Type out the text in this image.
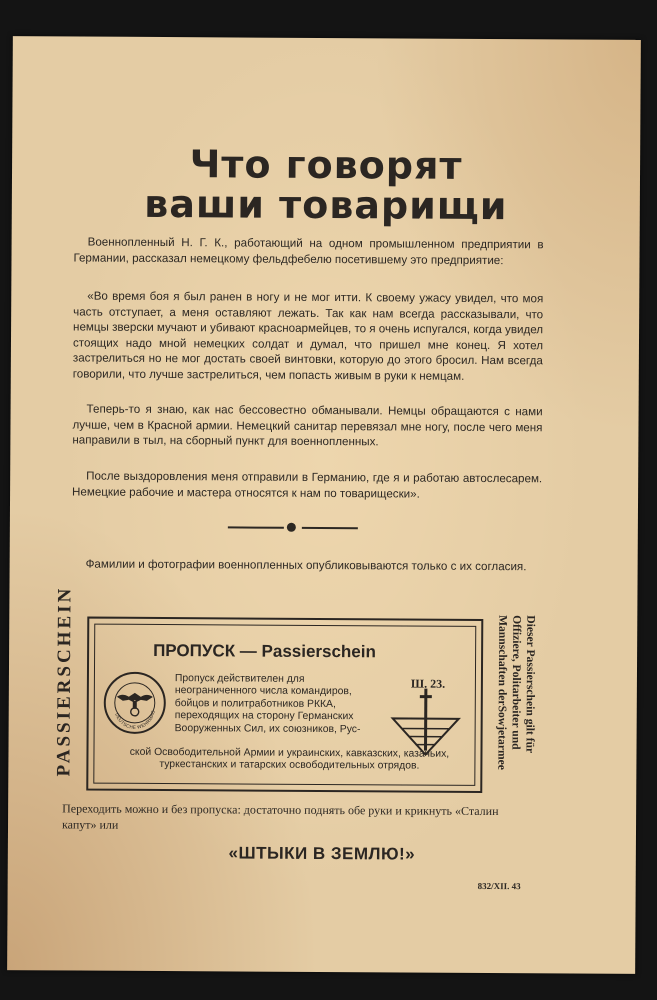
Что говорят
ваши товарищи

Военнопленный Н. Г. К., работающий на одном промышленном предприятии в Германии, рассказал немецкому фельдфебелю посетившему это предприятие:

«Во время боя я был ранен в ногу и не мог итти. К своему ужасу увидел, что моя часть отступает, а меня оставляют лежать. Так как нам всегда рассказывали, что немцы зверски мучают и убивают красноармейцев, то я очень испугался, когда увидел стоящих надо мной немецких солдат и думал, что пришел мне конец. Я хотел застрелиться но не мог достать своей винтовки, которую до этого бросил. Нам всегда говорили, что лучше застрелиться, чем попасть живым в руки к немцам.

Теперь-то я знаю, как нас бессовестно обманывали. Немцы обращаются с нами лучше, чем в Красной армии. Немецкий санитар перевязал мне ногу, после чего меня направили в тыл, на сборный пункт для военнопленных.

После выздоровления меня отправили в Германию, где я и работаю автослесарем. Немецкие рабочие и мастера относятся к нам по товарищески».

Фамилии и фотографии военнопленных опубликовываются только с их согласия.

PASSIERSCHEIN	Dieser Passierschein gilt für
Offiziere, Politarbeiter und
Mannschaften derSowjetarmee
ПРОПУСК — Passierschein
DEUTSCHE WEHRMACHT

Пропуск действителен для неограниченного числа командиров, бойцов и политработников РККА, переходящих на сторону Германских Вооруженных Сил, их союзников, Рус-

ской Освободительной Армии и украинских, кавказских, казачьих, туркестанских и татарских освободительных отрядов.

Ш. 23.

Переходить можно и без пропуска: достаточно поднять обе руки и крикнуть «Сталин капут» или

«ШТЫКИ В ЗЕМЛЮ!»
832/XII. 43
